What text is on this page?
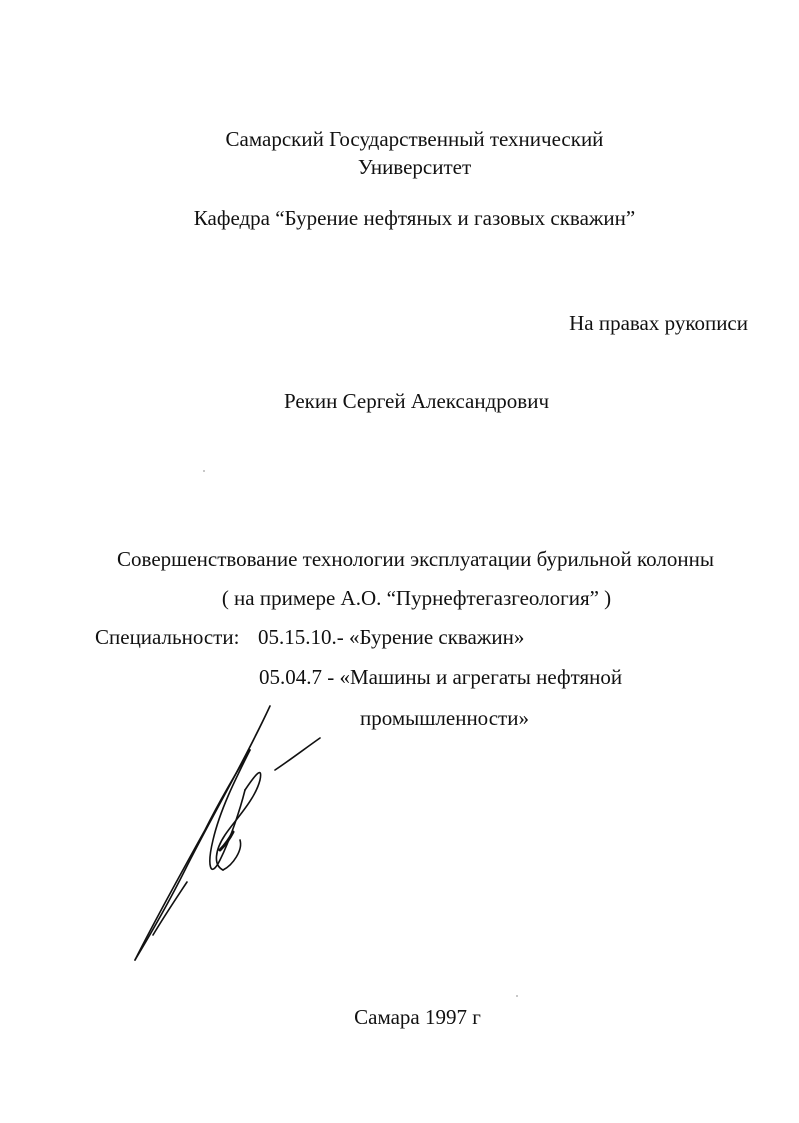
Самарский Государственный технический
Университет
Кафедра “Бурение нефтяных и газовых скважин”
На правах рукописи
Рекин Сергей Александрович
Совершенствование технологии эксплуатации бурильной колонны
( на примере А.О. “Пурнефтегазгеология” )
Специальности: 05.15.10.- «Бурение скважин»
05.04.7 - «Машины и агрегаты нефтяной
промышленности»
Самара 1997 г
